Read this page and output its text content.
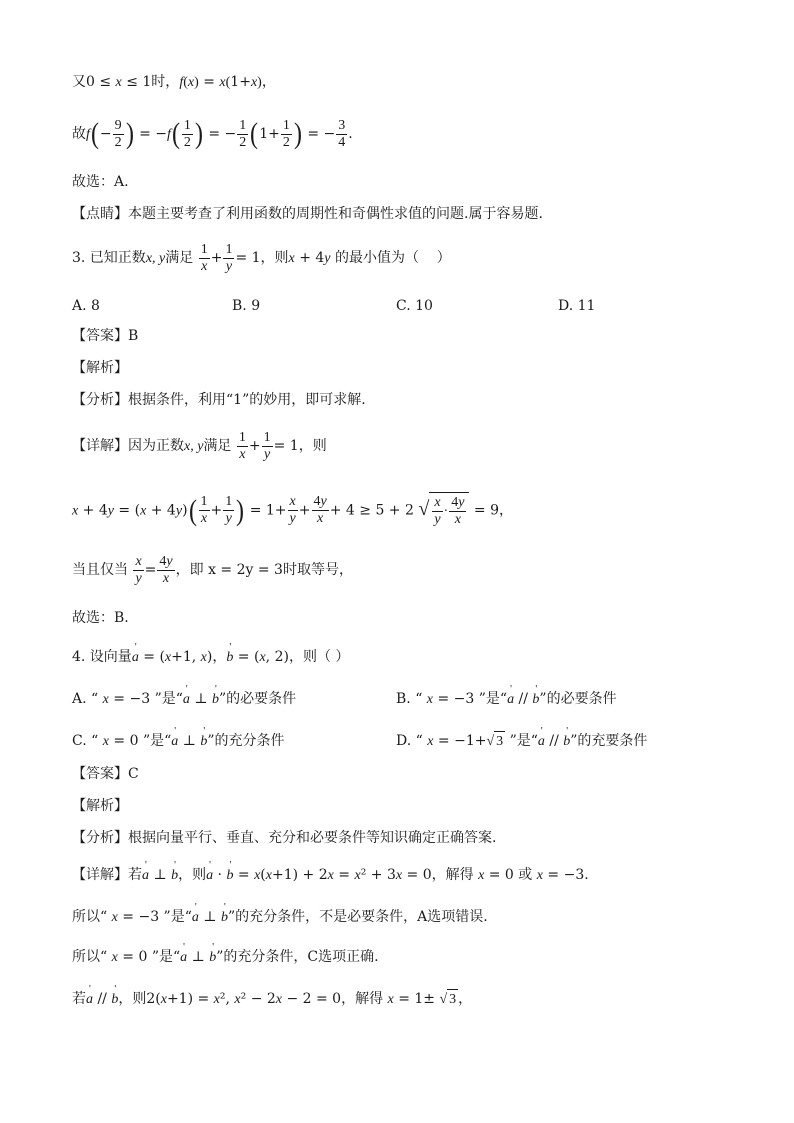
又0 ≤ x ≤ 1时，f(x) = x(1+x)，
故$f(- \frac{9}{2}$ ) = $-f( \frac{1}{2}$ ) = − $\frac{1}{2} (1+ \frac{1}{2}$ ) = − $\frac{3}{4}$ .
故选：A.
【点睛】本题主要考查了利用函数的周期性和奇偶性求值的问题.属于容易题.
3. 已知正数x, y满足 $\frac{1}{x} + \frac{1}{y} = 1$，则x + 4y 的最小值为（    ）
A. 8	B. 9	C. 10	D. 11
【答案】B
【解析】
【分析】根据条件，利用“1”的妙用，即可求解.
【详解】因为正数x, y满足 $\frac{1}{x} + \frac{1}{y} = 1$，则
$x + 4y = (x + 4y)( \frac{1}{x} + \frac{1}{y}$ ) = $1+ \frac{x}{y} + \frac{4y}{x} + 4 \ge 5 + 2$ √ $\frac{x}{y} \cdot \frac{4y}{x} = 9$，
当且仅当 $\frac{x}{y} = \frac{4y}{x}$ ，即 x = 2y = 3时取等号，
故选：B.
4. 设向量' a = (x+1, x)，' b = (x, 2)，则（ ）
A. “ x = −3 ”是“' a ⊥ ' b”的必要条件	B. “ x = −3 ”是“' a // ' b”的必要条件
C. “ x = 0 ”是“' a ⊥ ' b”的充分条件	D. “ x = −1+√ 3 ”是“' a // ' b”的充要条件
【答案】C
【解析】
【分析】根据向量平行、垂直、充分和必要条件等知识确定正确答案.
【详解】若' a ⊥ ' b，则' a · ' b = x(x+1) + 2x = x² + 3x = 0，解得 x = 0 或 x = −3.
所以“ x = −3 ”是“' a ⊥ ' b”的充分条件，不是必要条件，A选项错误.
所以“ x = 0 ”是“' a ⊥ ' b”的充分条件，C选项正确.
若' a // ' b，则2(x+1) = x², x² − 2x − 2 = 0，解得 x = 1± √ 3 ，
